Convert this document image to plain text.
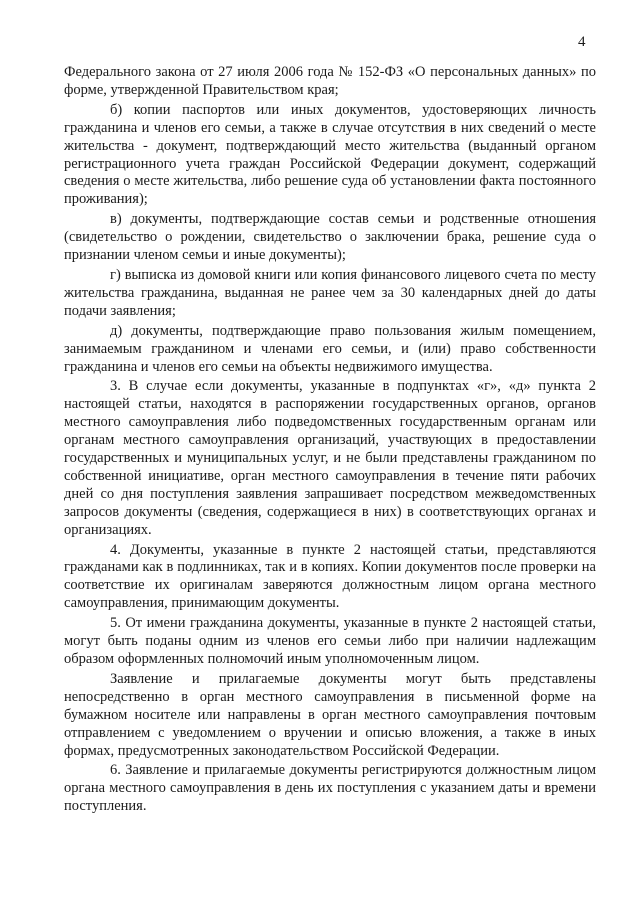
4

Федерального закона от 27 июля 2006 года № 152-ФЗ «О персональных данных» по форме, утвержденной Правительством края;

б) копии паспортов или иных документов, удостоверяющих личность гражданина и членов его семьи, а также в случае отсутствия в них сведений о месте жительства - документ, подтверждающий место жительства (выданный органом регистрационного учета граждан Российской Федерации документ, содержащий сведения о месте жительства, либо решение суда об установлении факта постоянного проживания);

в) документы, подтверждающие состав семьи и родственные отношения (свидетельство о рождении, свидетельство о заключении брака, решение суда о признании членом семьи и иные документы);

г) выписка из домовой книги или копия финансового лицевого счета по месту жительства гражданина, выданная не ранее чем за 30 календарных дней до даты подачи заявления;

д) документы, подтверждающие право пользования жилым помещением, занимаемым гражданином и членами его семьи, и (или) право собственности гражданина и членов его семьи на объекты недвижимого имущества.

3. В случае если документы, указанные в подпунктах «г», «д» пункта 2 настоящей статьи, находятся в распоряжении государственных органов, органов местного самоуправления либо подведомственных государственным органам или органам местного самоуправления организаций, участвующих в предоставлении государственных и муниципальных услуг, и не были представлены гражданином по собственной инициативе, орган местного самоуправления в течение пяти рабочих дней со дня поступления заявления запрашивает посредством межведомственных запросов документы (сведения, содержащиеся в них) в соответствующих органах и организациях.

4. Документы, указанные в пункте 2 настоящей статьи, представляются гражданами как в подлинниках, так и в копиях. Копии документов после проверки на соответствие их оригиналам заверяются должностным лицом органа местного самоуправления, принимающим документы.

5. От имени гражданина документы, указанные в пункте 2 настоящей статьи, могут быть поданы одним из членов его семьи либо при наличии надлежащим образом оформленных полномочий иным уполномоченным лицом.

Заявление и прилагаемые документы могут быть представлены непосредственно в орган местного самоуправления в письменной форме на бумажном носителе или направлены в орган местного самоуправления почтовым отправлением с уведомлением о вручении и описью вложения, а также в иных формах, предусмотренных законодательством Российской Федерации.

6. Заявление и прилагаемые документы регистрируются должностным лицом органа местного самоуправления в день их поступления с указанием даты и времени поступления.
